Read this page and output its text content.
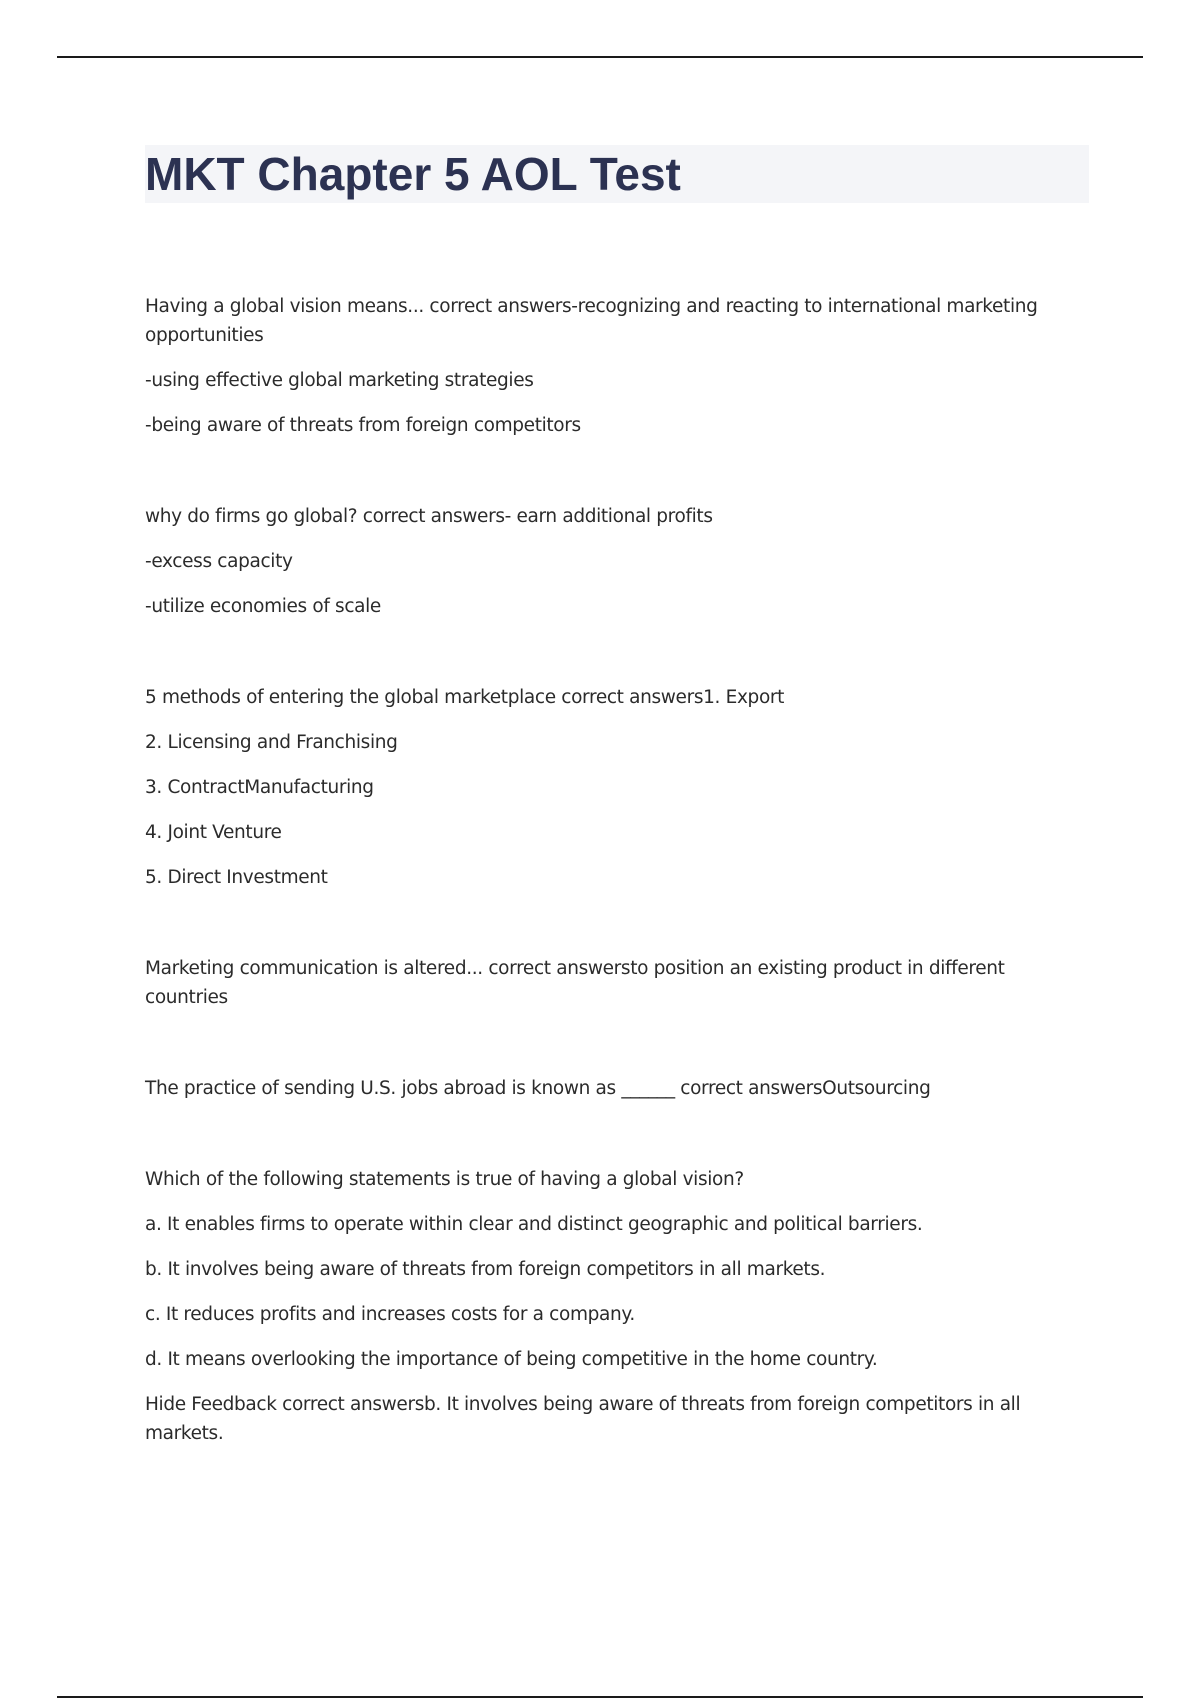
MKT Chapter 5 AOL Test

Having a global vision means... correct answers-recognizing and reacting to international marketing opportunities

-using effective global marketing strategies

-being aware of threats from foreign competitors

why do firms go global? correct answers- earn additional profits

-excess capacity

-utilize economies of scale

5 methods of entering the global marketplace correct answers1. Export

2. Licensing and Franchising

3. ContractManufacturing

4. Joint Venture

5. Direct Investment

Marketing communication is altered... correct answersto position an existing product in different countries

The practice of sending U.S. jobs abroad is known as ______ correct answersOutsourcing

Which of the following statements is true of having a global vision?

a. It enables firms to operate within clear and distinct geographic and political barriers.

b. It involves being aware of threats from foreign competitors in all markets.

c. It reduces profits and increases costs for a company.

d. It means overlooking the importance of being competitive in the home country.

Hide Feedback correct answersb. It involves being aware of threats from foreign competitors in all markets.
